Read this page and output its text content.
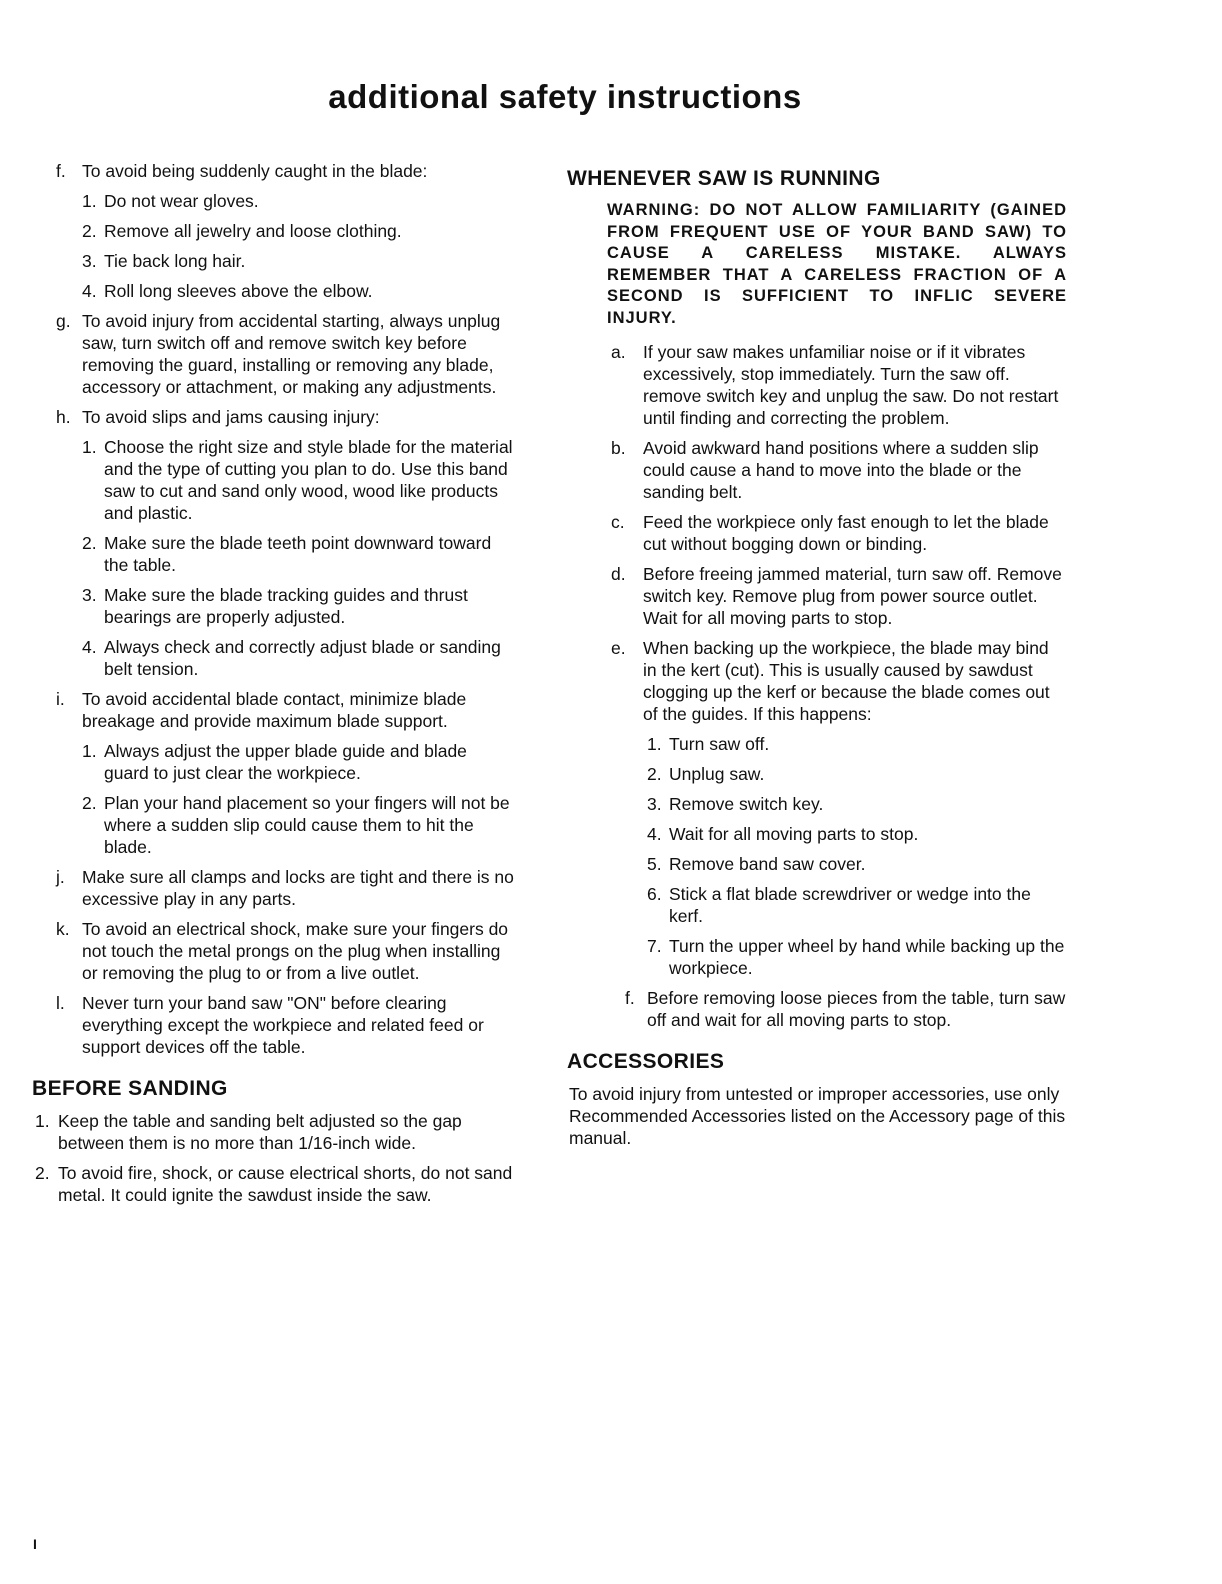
additional safety instructions
f. To avoid being suddenly caught in the blade:
1. Do not wear gloves.
2. Remove all jewelry and loose clothing.
3. Tie back long hair.
4. Roll long sleeves above the elbow.
g. To avoid injury from accidental starting, always unplug saw, turn switch off and remove switch key before removing the guard, installing or removing any blade, accessory or attachment, or making any adjustments.
h. To avoid slips and jams causing injury:
1. Choose the right size and style blade for the material and the type of cutting you plan to do. Use this band saw to cut and sand only wood, wood like products and plastic.
2. Make sure the blade teeth point downward toward the table.
3. Make sure the blade tracking guides and thrust bearings are properly adjusted.
4. Always check and correctly adjust blade or sanding belt tension.
i. To avoid accidental blade contact, minimize blade breakage and provide maximum blade support.
1. Always adjust the upper blade guide and blade guard to just clear the workpiece.
2. Plan your hand placement so your fingers will not be where a sudden slip could cause them to hit the blade.
j. Make sure all clamps and locks are tight and there is no excessive play in any parts.
k. To avoid an electrical shock, make sure your fingers do not touch the metal prongs on the plug when installing or removing the plug to or from a live outlet.
l. Never turn your band saw "ON" before clearing everything except the workpiece and related feed or support devices off the table.
BEFORE SANDING
1. Keep the table and sanding belt adjusted so the gap between them is no more than 1/16-inch wide.
2. To avoid fire, shock, or cause electrical shorts, do not sand metal. It could ignite the sawdust inside the saw.
WHENEVER SAW IS RUNNING
WARNING: DO NOT ALLOW FAMILIARITY (GAINED FROM FREQUENT USE OF YOUR BAND SAW) TO CAUSE A CARELESS MISTAKE. ALWAYS REMEMBER THAT A CARELESS FRACTION OF A SECOND IS SUFFICIENT TO INFLIC SEVERE INJURY.
a. If your saw makes unfamiliar noise or if it vibrates excessively, stop immediately. Turn the saw off. remove switch key and unplug the saw. Do not restart until finding and correcting the problem.
b. Avoid awkward hand positions where a sudden slip could cause a hand to move into the blade or the sanding belt.
c. Feed the workpiece only fast enough to let the blade cut without bogging down or binding.
d. Before freeing jammed material, turn saw off. Remove switch key. Remove plug from power source outlet. Wait for all moving parts to stop.
e. When backing up the workpiece, the blade may bind in the kert (cut). This is usually caused by sawdust clogging up the kerf or because the blade comes out of the guides. If this happens:
1. Turn saw off.
2. Unplug saw.
3. Remove switch key.
4. Wait for all moving parts to stop.
5. Remove band saw cover.
6. Stick a flat blade screwdriver or wedge into the kerf.
7. Turn the upper wheel by hand while backing up the workpiece.
f. Before removing loose pieces from the table, turn saw off and wait for all moving parts to stop.
ACCESSORIES
To avoid injury from untested or improper accessories, use only Recommended Accessories listed on the Accessory page of this manual.
I
